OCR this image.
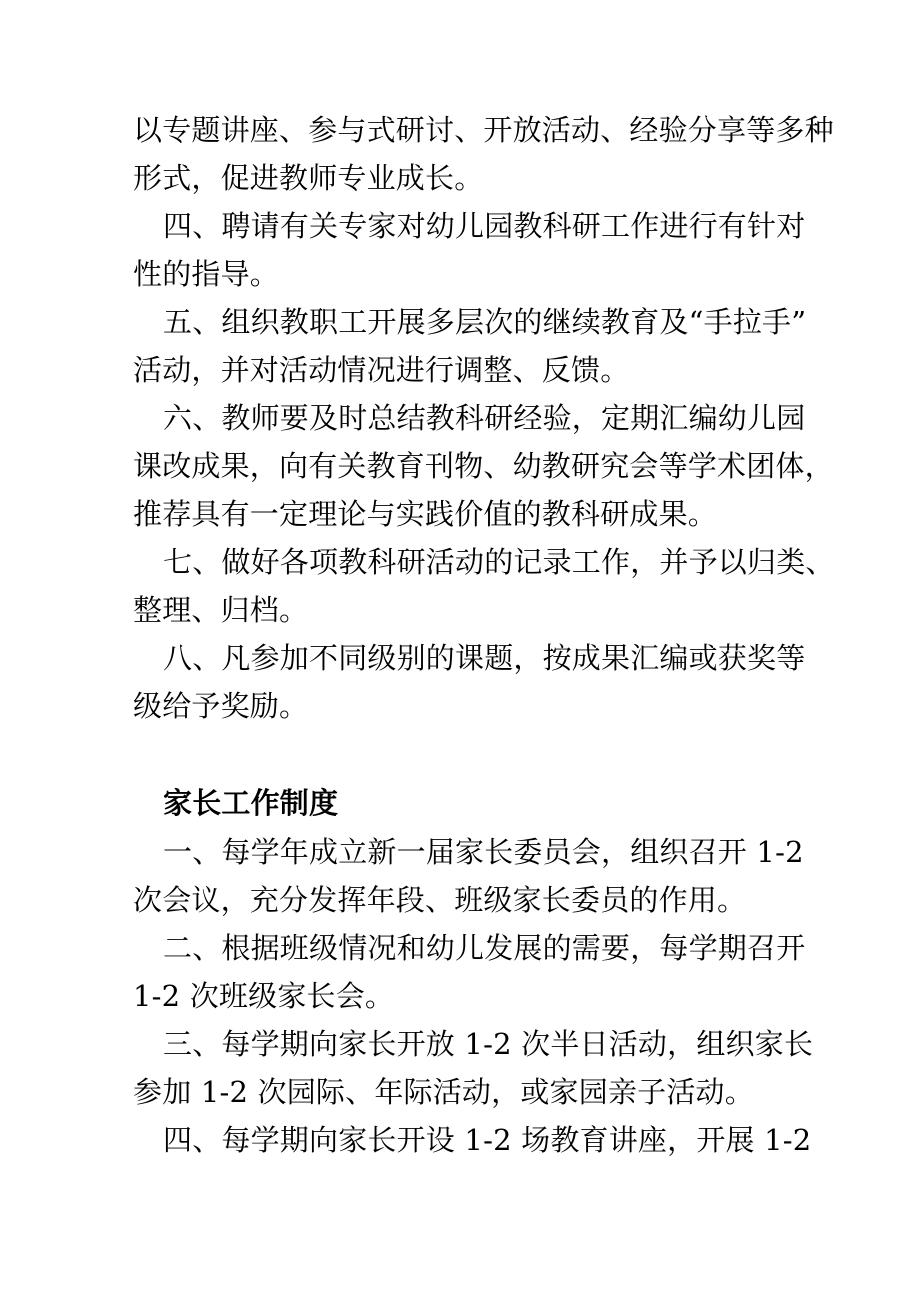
以专题讲座、参与式研讨、开放活动、经验分享等多种
形式，促进教师专业成长。
四、聘请有关专家对幼儿园教科研工作进行有针对
性的指导。
五、组织教职工开展多层次的继续教育及“手拉手”
活动，并对活动情况进行调整、反馈。
六、教师要及时总结教科研经验，定期汇编幼儿园
课改成果，向有关教育刊物、幼教研究会等学术团体，
推荐具有一定理论与实践价值的教科研成果。
七、做好各项教科研活动的记录工作，并予以归类、
整理、归档。
八、凡参加不同级别的课题，按成果汇编或获奖等
级给予奖励。
家长工作制度
一、每学年成立新一届家长委员会，组织召开 1-2
次会议，充分发挥年段、班级家长委员的作用。
二、根据班级情况和幼儿发展的需要，每学期召开
1-2 次班级家长会。
三、每学期向家长开放 1-2 次半日活动，组织家长
参加 1-2 次园际、年际活动，或家园亲子活动。
四、每学期向家长开设 1-2 场教育讲座，开展 1-2
